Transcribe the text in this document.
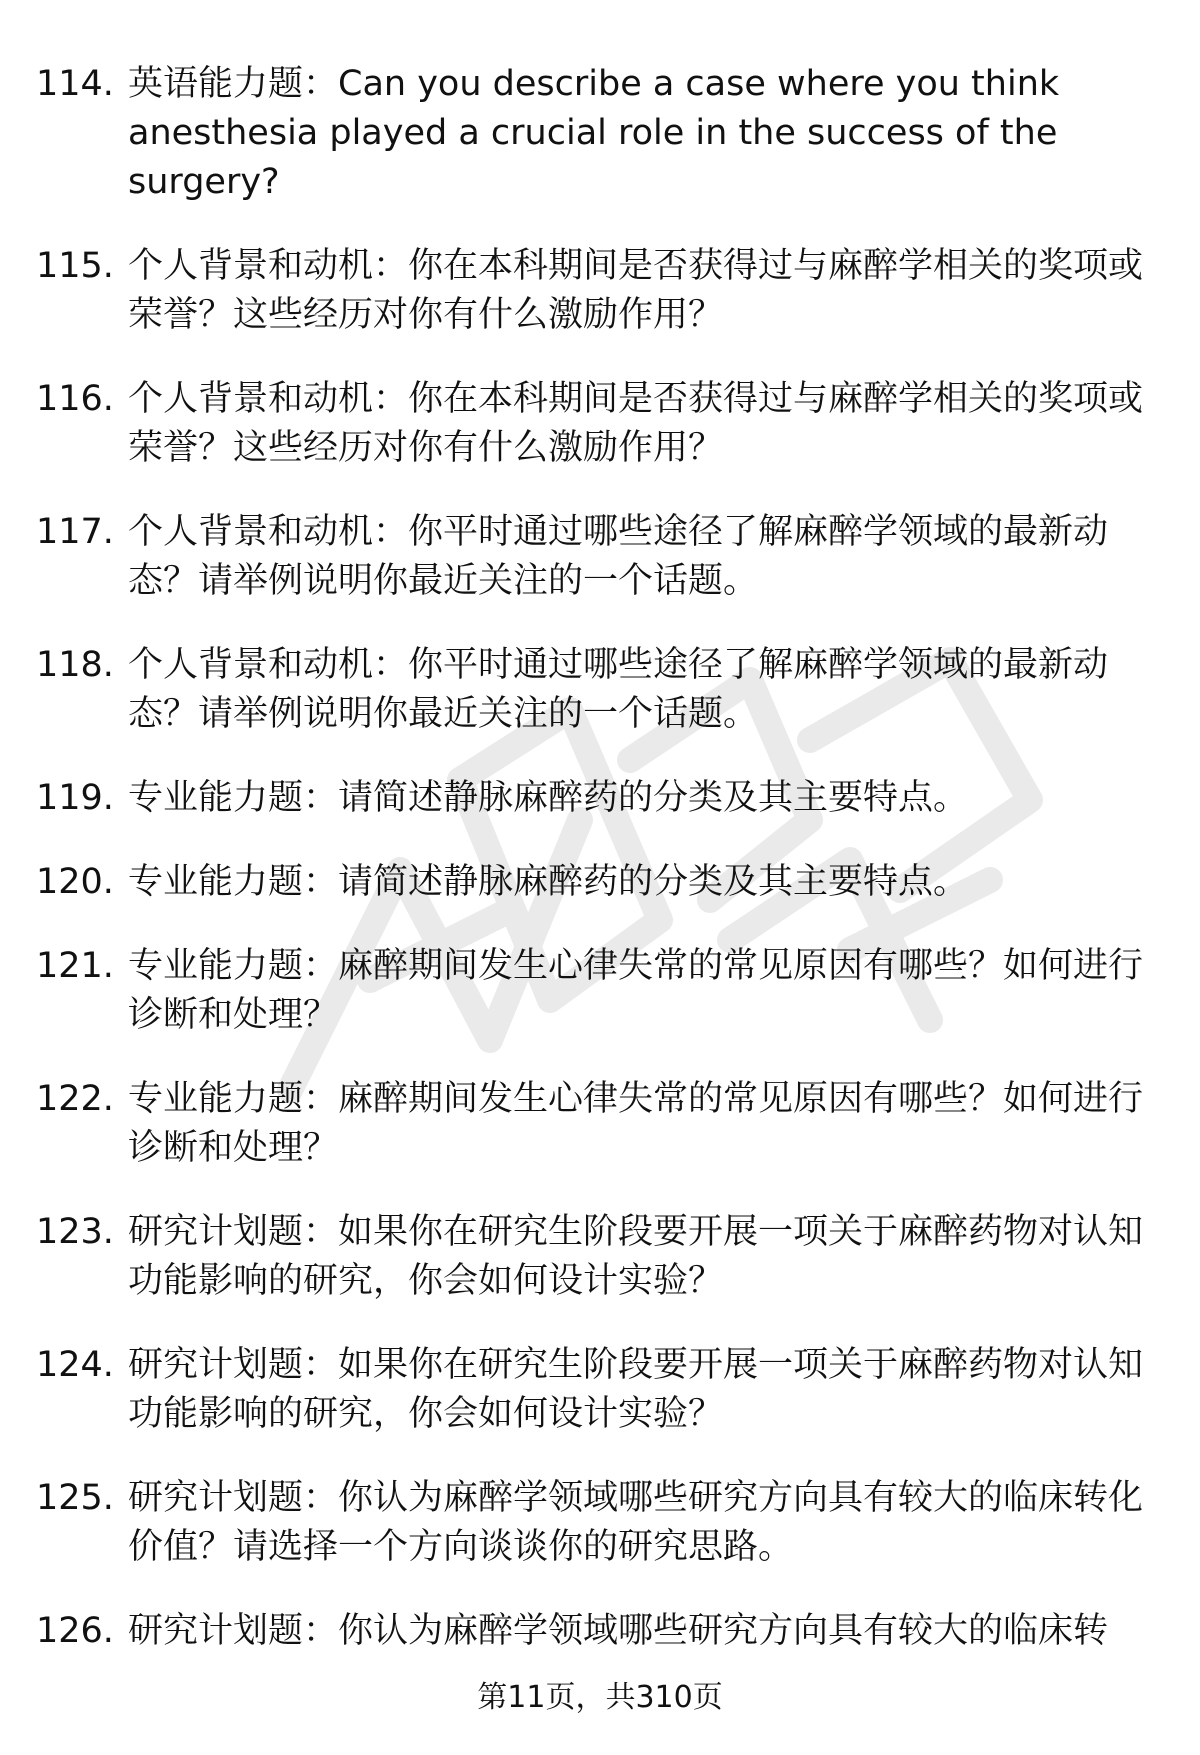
114. 英语能力题：Can you describe a case where you think anesthesia played a crucial role in the success of the surgery?
115. 个人背景和动机：你在本科期间是否获得过与麻醉学相关的奖项或荣誉？这些经历对你有什么激励作用？
116. 个人背景和动机：你在本科期间是否获得过与麻醉学相关的奖项或荣誉？这些经历对你有什么激励作用？
117. 个人背景和动机：你平时通过哪些途径了解麻醉学领域的最新动态？请举例说明你最近关注的一个话题。
118. 个人背景和动机：你平时通过哪些途径了解麻醉学领域的最新动态？请举例说明你最近关注的一个话题。
119. 专业能力题：请简述静脉麻醉药的分类及其主要特点。
120. 专业能力题：请简述静脉麻醉药的分类及其主要特点。
121. 专业能力题：麻醉期间发生心律失常的常见原因有哪些？如何进行诊断和处理？
122. 专业能力题：麻醉期间发生心律失常的常见原因有哪些？如何进行诊断和处理？
123. 研究计划题：如果你在研究生阶段要开展一项关于麻醉药物对认知功能影响的研究，你会如何设计实验？
124. 研究计划题：如果你在研究生阶段要开展一项关于麻醉药物对认知功能影响的研究，你会如何设计实验？
125. 研究计划题：你认为麻醉学领域哪些研究方向具有较大的临床转化价值？请选择一个方向谈谈你的研究思路。
126. 研究计划题：你认为麻醉学领域哪些研究方向具有较大的临床转
第11页，共310页
